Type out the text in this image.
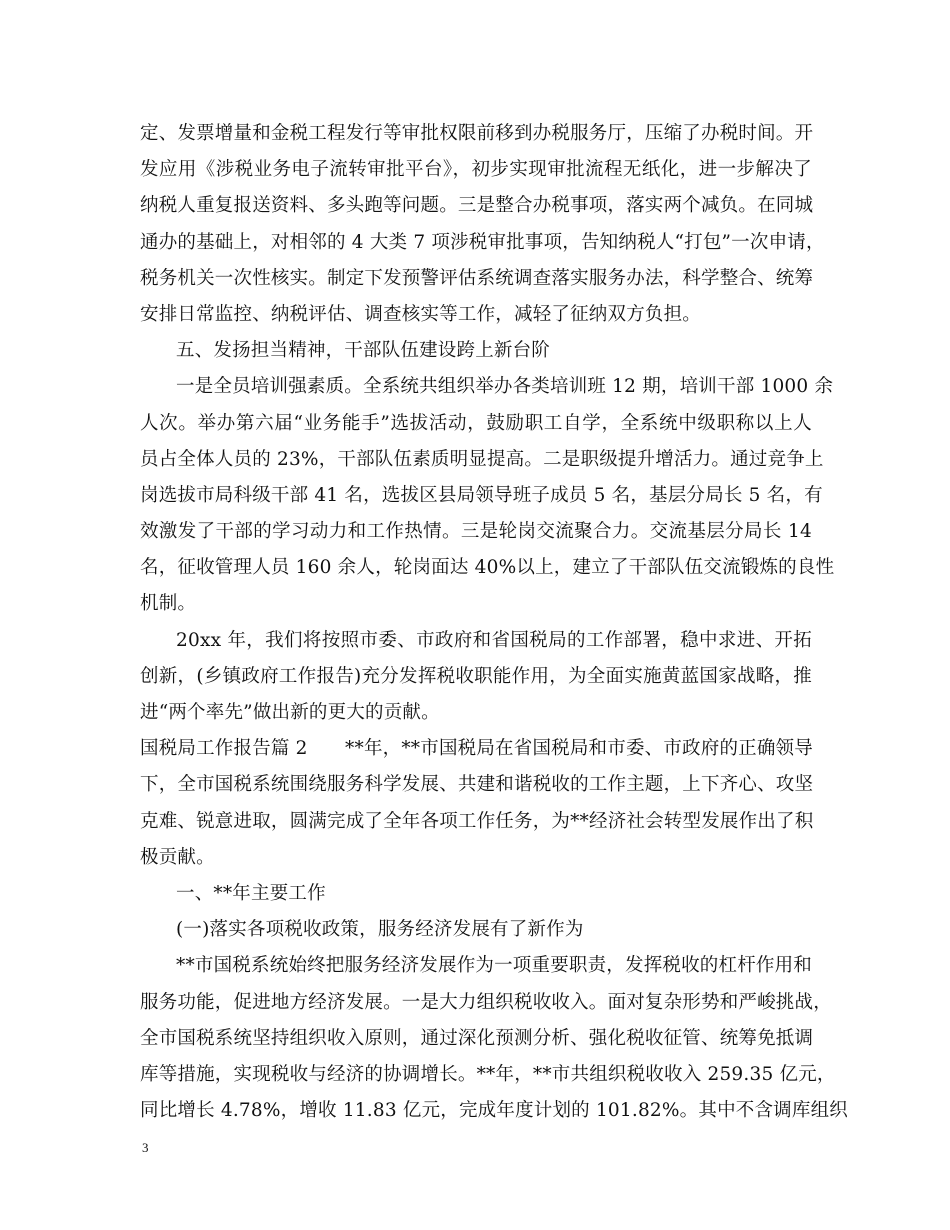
定、发票增量和金税工程发行等审批权限前移到办税服务厅，压缩了办税时间。开
发应用《涉税业务电子流转审批平台》，初步实现审批流程无纸化，进一步解决了
纳税人重复报送资料、多头跑等问题。三是整合办税事项，落实两个减负。在同城
通办的基础上，对相邻的 4 大类 7 项涉税审批事项，告知纳税人“打包”一次申请，
税务机关一次性核实。制定下发预警评估系统调查落实服务办法，科学整合、统筹
安排日常监控、纳税评估、调查核实等工作，减轻了征纳双方负担。
五、发扬担当精神，干部队伍建设跨上新台阶
一是全员培训强素质。全系统共组织举办各类培训班 12 期，培训干部 1000 余
人次。举办第六届“业务能手”选拔活动，鼓励职工自学，全系统中级职称以上人
员占全体人员的 23%，干部队伍素质明显提高。二是职级提升增活力。通过竞争上
岗选拔市局科级干部 41 名，选拔区县局领导班子成员 5 名，基层分局长 5 名，有
效激发了干部的学习动力和工作热情。三是轮岗交流聚合力。交流基层分局长 14
名，征收管理人员 160 余人，轮岗面达 40%以上，建立了干部队伍交流锻炼的良性
机制。
20xx 年，我们将按照市委、市政府和省国税局的工作部署，稳中求进、开拓
创新，(乡镇政府工作报告)充分发挥税收职能作用，为全面实施黄蓝国家战略，推
进“两个率先”做出新的更大的贡献。
国税局工作报告篇 2　　**年，**市国税局在省国税局和市委、市政府的正确领导
下，全市国税系统围绕服务科学发展、共建和谐税收的工作主题，上下齐心、攻坚
克难、锐意进取，圆满完成了全年各项工作任务，为**经济社会转型发展作出了积
极贡献。
一、**年主要工作
(一)落实各项税收政策，服务经济发展有了新作为
**市国税系统始终把服务经济发展作为一项重要职责，发挥税收的杠杆作用和
服务功能，促进地方经济发展。一是大力组织税收收入。面对复杂形势和严峻挑战，
全市国税系统坚持组织收入原则，通过深化预测分析、强化税收征管、统筹免抵调
库等措施，实现税收与经济的协调增长。**年，**市共组织税收收入 259.35 亿元，
同比增长 4.78%，增收 11.83 亿元，完成年度计划的 101.82%。其中不含调库组织
3
